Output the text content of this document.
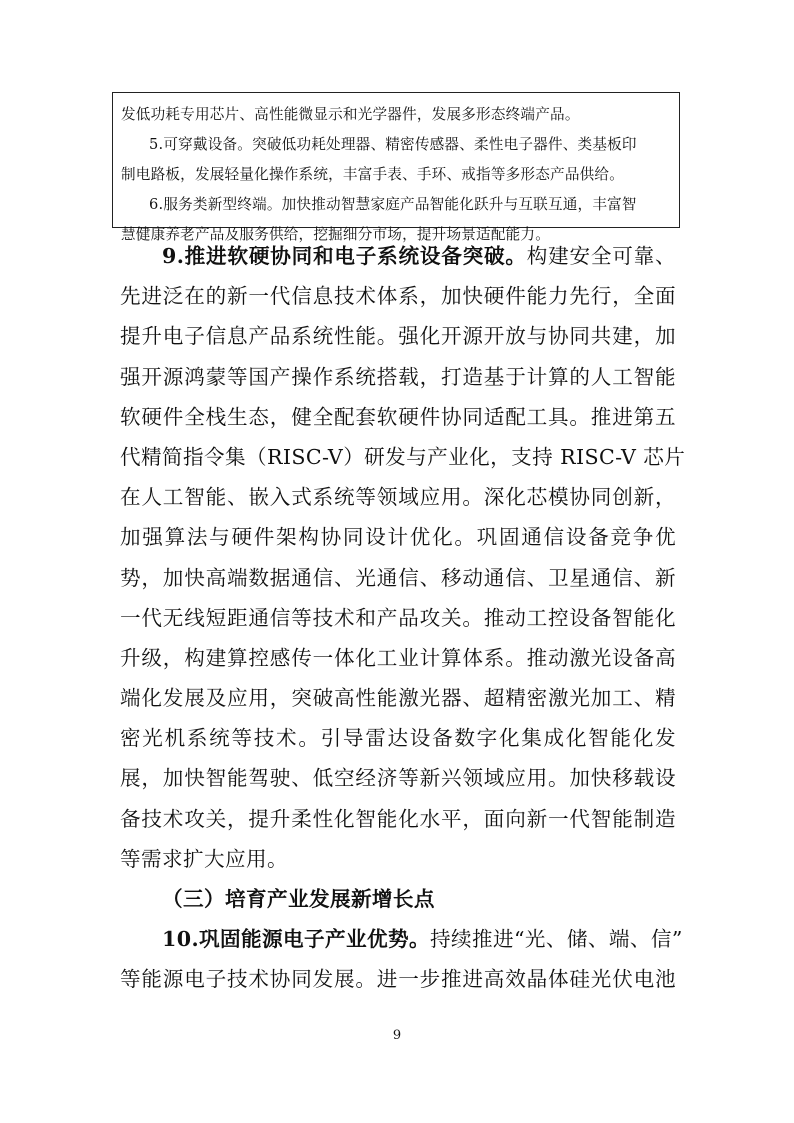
发低功耗专用芯片、高性能微显示和光学器件，发展多形态终端产品。

5.可穿戴设备。突破低功耗处理器、精密传感器、柔性电子器件、类基板印

制电路板，发展轻量化操作系统，丰富手表、手环、戒指等多形态产品供给。

6.服务类新型终端。加快推动智慧家庭产品智能化跃升与互联互通，丰富智

慧健康养老产品及服务供给，挖掘细分市场，提升场景适配能力。

9.推进软硬协同和电子系统设备突破。构建安全可靠、
先进泛在的新一代信息技术体系，加快硬件能力先行，全面
提升电子信息产品系统性能。强化开源开放与协同共建，加
强开源鸿蒙等国产操作系统搭载，打造基于计算的人工智能
软硬件全栈生态，健全配套软硬件协同适配工具。推进第五
代精简指令集（RISC-V）研发与产业化，支持 RISC-V 芯片
在人工智能、嵌入式系统等领域应用。深化芯模协同创新，
加强算法与硬件架构协同设计优化。巩固通信设备竞争优
势，加快高端数据通信、光通信、移动通信、卫星通信、新
一代无线短距通信等技术和产品攻关。推动工控设备智能化
升级，构建算控感传一体化工业计算体系。推动激光设备高
端化发展及应用，突破高性能激光器、超精密激光加工、精
密光机系统等技术。引导雷达设备数字化集成化智能化发
展，加快智能驾驶、低空经济等新兴领域应用。加快移载设
备技术攻关，提升柔性化智能化水平，面向新一代智能制造
等需求扩大应用。
（三）培育产业发展新增长点
10.巩固能源电子产业优势。持续推进“光、储、端、信”
等能源电子技术协同发展。进一步推进高效晶体硅光伏电池
9
